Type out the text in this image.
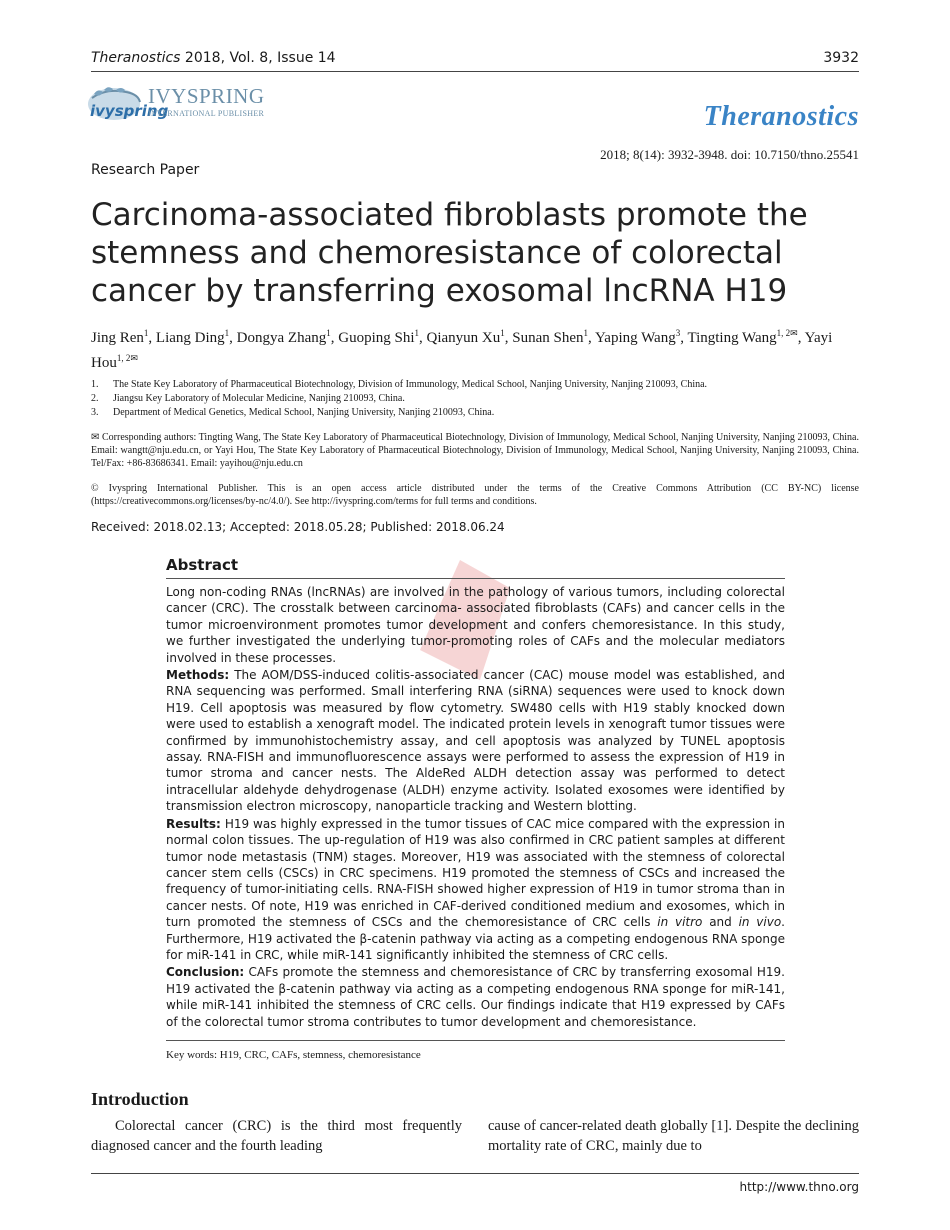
Theranostics 2018, Vol. 8, Issue 14	3932
ivyspring
IVYSPRING
INTERNATIONAL PUBLISHER	Theranostics
2018; 8(14): 3932-3948. doi: 10.7150/thno.25541
Research Paper
Carcinoma-associated fibroblasts promote the stemness and chemoresistance of colorectal cancer by transferring exosomal lncRNA H19
Jing Ren$^1$, Liang Ding$^1$, Dongya Zhang$^1$, Guoping Shi$^1$, Qianyun Xu$^1$, Sunan Shen$^1$, Yaping Wang$^3$, Tingting Wang$^{1, 2✉}$, Yayi Hou$^{1, 2✉}$
1. The State Key Laboratory of Pharmaceutical Biotechnology, Division of Immunology, Medical School, Nanjing University, Nanjing 210093, China.
2. Jiangsu Key Laboratory of Molecular Medicine, Nanjing 210093, China.
3. Department of Medical Genetics, Medical School, Nanjing University, Nanjing 210093, China.
✉ Corresponding authors: Tingting Wang, The State Key Laboratory of Pharmaceutical Biotechnology, Division of Immunology, Medical School, Nanjing University, Nanjing 210093, China. Email: wangtt@nju.edu.cn, or Yayi Hou, The State Key Laboratory of Pharmaceutical Biotechnology, Division of Immunology, Medical School, Nanjing University, Nanjing 210093, China. Tel/Fax: +86-83686341. Email: yayihou@nju.edu.cn
© Ivyspring International Publisher. This is an open access article distributed under the terms of the Creative Commons Attribution (CC BY-NC) license (https://creativecommons.org/licenses/by-nc/4.0/). See http://ivyspring.com/terms for full terms and conditions.
Received: 2018.02.13; Accepted: 2018.05.28; Published: 2018.06.24
Abstract

Long non-coding RNAs (lncRNAs) are involved in the pathology of various tumors, including colorectal cancer (CRC). The crosstalk between carcinoma- associated fibroblasts (CAFs) and cancer cells in the tumor microenvironment promotes tumor development and confers chemoresistance. In this study, we further investigated the underlying tumor-promoting roles of CAFs and the molecular mediators involved in these processes.

Methods: The AOM/DSS-induced colitis-associated cancer (CAC) mouse model was established, and RNA sequencing was performed. Small interfering RNA (siRNA) sequences were used to knock down H19. Cell apoptosis was measured by flow cytometry. SW480 cells with H19 stably knocked down were used to establish a xenograft model. The indicated protein levels in xenograft tumor tissues were confirmed by immunohistochemistry assay, and cell apoptosis was analyzed by TUNEL apoptosis assay. RNA-FISH and immunofluorescence assays were performed to assess the expression of H19 in tumor stroma and cancer nests. The AldeRed ALDH detection assay was performed to detect intracellular aldehyde dehydrogenase (ALDH) enzyme activity. Isolated exosomes were identified by transmission electron microscopy, nanoparticle tracking and Western blotting.

Results: H19 was highly expressed in the tumor tissues of CAC mice compared with the expression in normal colon tissues. The up-regulation of H19 was also confirmed in CRC patient samples at different tumor node metastasis (TNM) stages. Moreover, H19 was associated with the stemness of colorectal cancer stem cells (CSCs) in CRC specimens. H19 promoted the stemness of CSCs and increased the frequency of tumor-initiating cells. RNA-FISH showed higher expression of H19 in tumor stroma than in cancer nests. Of note, H19 was enriched in CAF-derived conditioned medium and exosomes, which in turn promoted the stemness of CSCs and the chemoresistance of CRC cells in vitro and in vivo. Furthermore, H19 activated the β-catenin pathway via acting as a competing endogenous RNA sponge for miR-141 in CRC, while miR-141 significantly inhibited the stemness of CRC cells.

Conclusion: CAFs promote the stemness and chemoresistance of CRC by transferring exosomal H19. H19 activated the β-catenin pathway via acting as a competing endogenous RNA sponge for miR-141, while miR-141 inhibited the stemness of CRC cells. Our findings indicate that H19 expressed by CAFs of the colorectal tumor stroma contributes to tumor development and chemoresistance.

Key words: H19, CRC, CAFs, stemness, chemoresistance
Introduction
Colorectal cancer (CRC) is the third most frequently diagnosed cancer and the fourth leading
cause of cancer-related death globally [1]. Despite the declining mortality rate of CRC, mainly due to
http://www.thno.org
